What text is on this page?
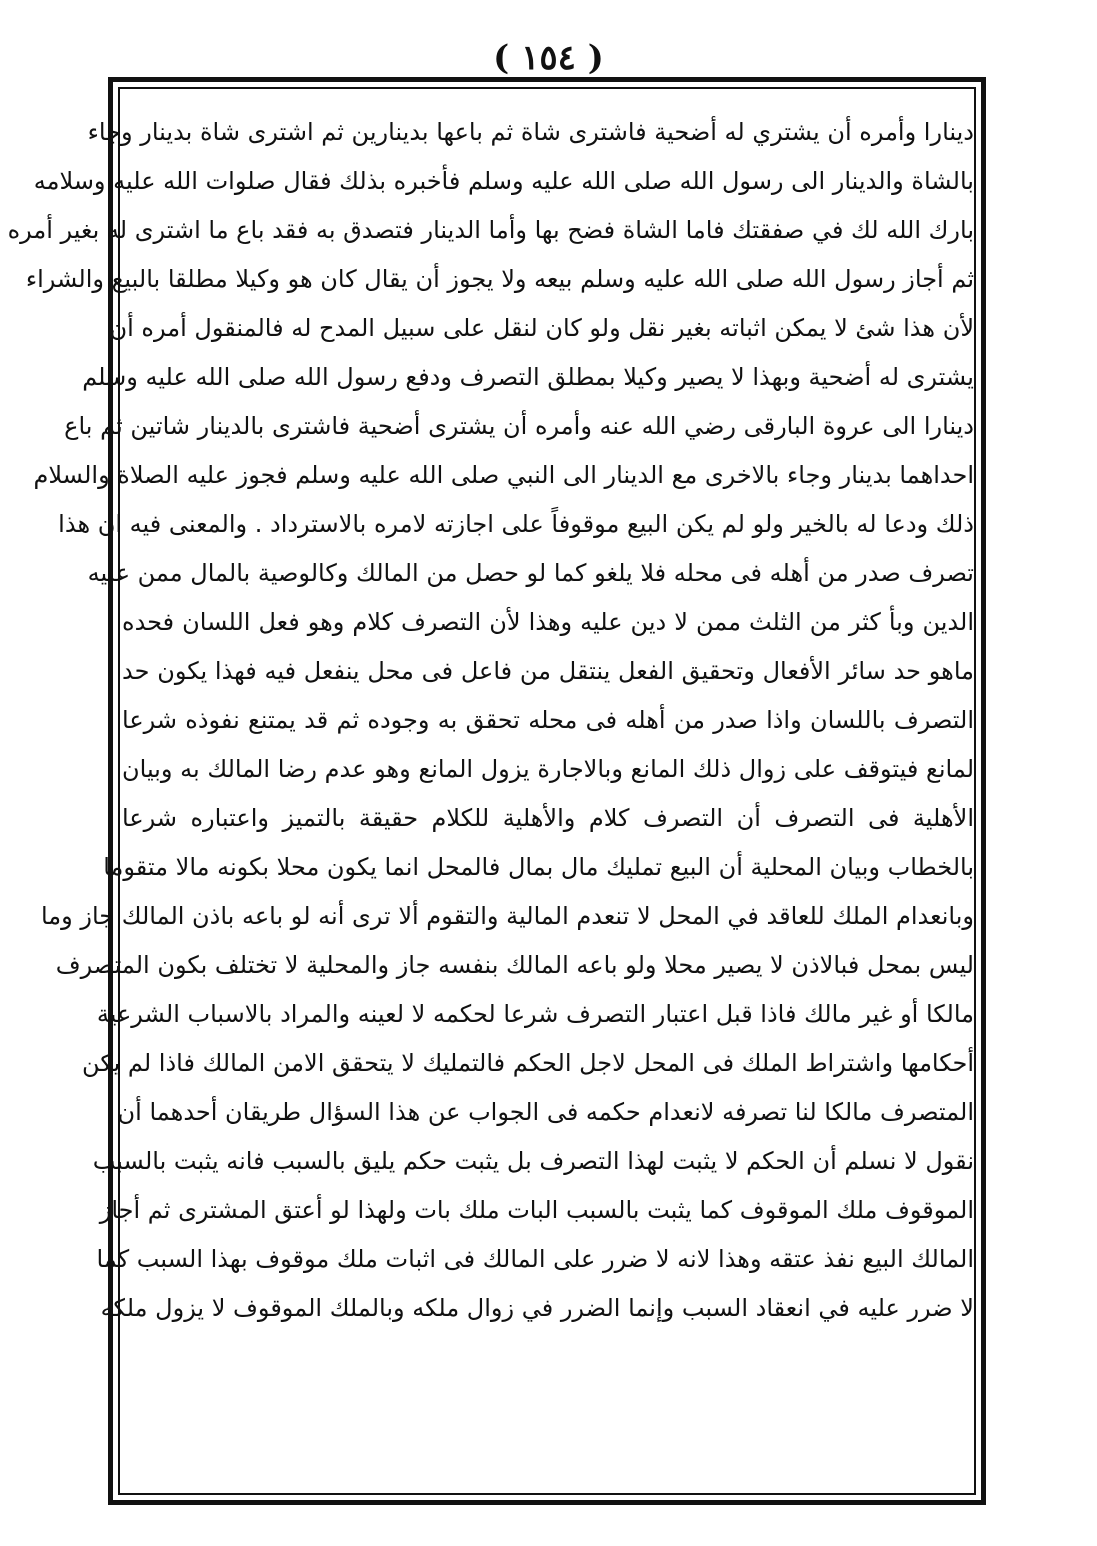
( ١٥٤ )
دينارا وأمره أن يشتري له أضحية فاشترى شاة ثم باعها بدينارين ثم اشترى شاة بدينار وجاء
بالشاة والدينار الى رسول الله صلى الله عليه وسلم فأخبره بذلك فقال صلوات الله عليه وسلامه
بارك الله لك في صفقتك فاما الشاة فضح بها وأما الدينار فتصدق به فقد باع ما اشترى له بغير أمره
ثم أجاز رسول الله صلى الله عليه وسلم بيعه ولا يجوز أن يقال كان هو وكيلا مطلقا بالبيع والشراء
لأن هذا شئ لا يمكن اثباته بغير نقل ولو كان لنقل على سبيل المدح له فالمنقول أمره أن
يشترى له أضحية وبهذا لا يصير وكيلا بمطلق التصرف ودفع رسول الله صلى الله عليه وسلم
دينارا الى عروة البارقى رضي الله عنه وأمره أن يشترى أضحية فاشترى بالدينار شاتين ثم باع
احداهما بدينار وجاء بالاخرى مع الدينار الى النبي صلى الله عليه وسلم فجوز عليه الصلاة والسلام
ذلك ودعا له بالخير ولو لم يكن البيع موقوفاً على اجازته لامره بالاسترداد . والمعنى فيه ان هذا
تصرف صدر من أهله فى محله فلا يلغو كما لو حصل من المالك وكالوصية بالمال ممن عليه
الدين وبأ كثر من الثلث ممن لا دين عليه وهذا لأن التصرف كلام وهو فعل اللسان فحده
ماهو حد سائر الأفعال وتحقيق الفعل ينتقل من فاعل فى محل ينفعل فيه فهذا يكون حد
التصرف باللسان واذا صدر من أهله فى محله تحقق به وجوده ثم قد يمتنع نفوذه شرعا
لمانع فيتوقف على زوال ذلك المانع وبالاجارة يزول المانع وهو عدم رضا المالك به وبيان
الأهلية فى التصرف أن التصرف كلام والأهلية للكلام حقيقة بالتميز واعتباره شرعا
بالخطاب وبيان المحلية أن البيع تمليك مال بمال فالمحل انما يكون محلا بكونه مالا متقوما
وبانعدام الملك للعاقد في المحل لا تنعدم المالية والتقوم ألا ترى أنه لو باعه باذن المالك جاز وما
ليس بمحل فبالاذن لا يصير محلا ولو باعه المالك بنفسه جاز والمحلية لا تختلف بكون المتصرف
مالكا أو غير مالك فاذا قبل اعتبار التصرف شرعا لحكمه لا لعينه والمراد بالاسباب الشرعية
أحكامها واشتراط الملك فى المحل لاجل الحكم فالتمليك لا يتحقق الامن المالك فاذا لم يكن
المتصرف مالكا لنا تصرفه لانعدام حكمه فى الجواب عن هذا السؤال طريقان أحدهما أن
نقول لا نسلم أن الحكم لا يثبت لهذا التصرف بل يثبت حكم يليق بالسبب فانه يثبت بالسبب
الموقوف ملك الموقوف كما يثبت بالسبب البات ملك بات ولهذا لو أعتق المشترى ثم أجاز
المالك البيع نفذ عتقه وهذا لانه لا ضرر على المالك فى اثبات ملك موقوف بهذا السبب كما
لا ضرر عليه في انعقاد السبب وإنما الضرر في زوال ملكه وبالملك الموقوف لا يزول ملكه
